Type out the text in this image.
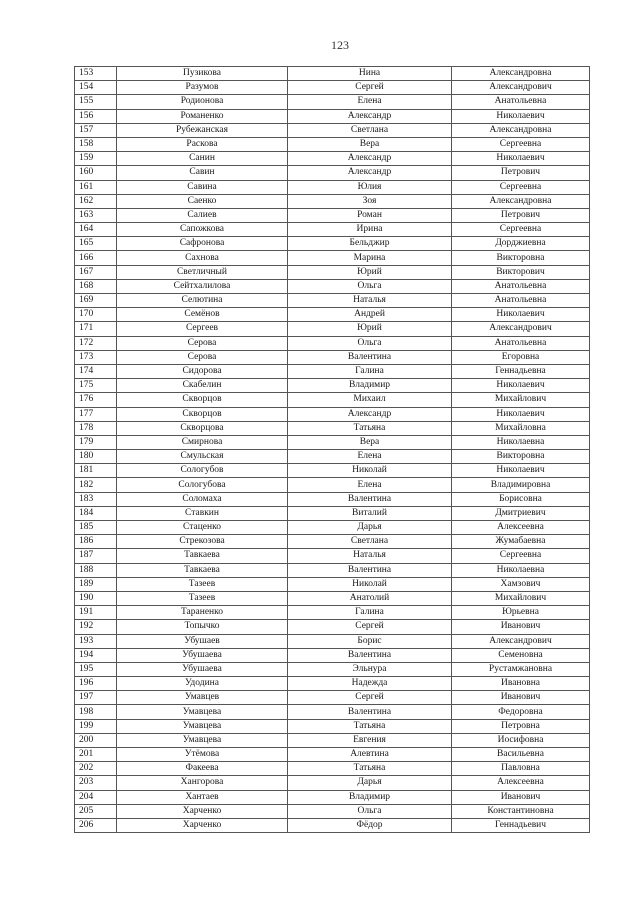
123
153	Пузикова	Нина	Александровна
154	Разумов	Сергей	Александрович
155	Родионова	Елена	Анатольевна
156	Романенко	Александр	Николаевич
157	Рубежанская	Светлана	Александровна
158	Раскова	Вера	Сергеевна
159	Санин	Александр	Николаевич
160	Савин	Александр	Петрович
161	Савина	Юлия	Сергеевна
162	Саенко	Зоя	Александровна
163	Салиев	Роман	Петрович
164	Сапожкова	Ирина	Сергеевна
165	Сафронова	Бельджир	Дорджиевна
166	Сахнова	Марина	Викторовна
167	Светличный	Юрий	Викторович
168	Сейтхалилова	Ольга	Анатольевна
169	Селютина	Наталья	Анатольевна
170	Семёнов	Андрей	Николаевич
171	Сергеев	Юрий	Александрович
172	Серова	Ольга	Анатольевна
173	Серова	Валентина	Егоровна
174	Сидорова	Галина	Геннадьевна
175	Скабелин	Владимир	Николаевич
176	Скворцов	Михаил	Михайлович
177	Скворцов	Александр	Николаевич
178	Скворцова	Татьяна	Михайловна
179	Смирнова	Вера	Николаевна
180	Смульская	Елена	Викторовна
181	Сологубов	Николай	Николаевич
182	Сологубова	Елена	Владимировна
183	Соломаха	Валентина	Борисовна
184	Ставкин	Виталий	Дмитриевич
185	Стаценко	Дарья	Алексеевна
186	Стрекозова	Светлана	Жумабаевна
187	Тавкаева	Наталья	Сергеевна
188	Тавкаева	Валентина	Николаевна
189	Тазеев	Николай	Хамзович
190	Тазеев	Анатолий	Михайлович
191	Тараненко	Галина	Юрьевна
192	Топычко	Сергей	Иванович
193	Убушаев	Борис	Александрович
194	Убушаева	Валентина	Семеновна
195	Убушаева	Эльнура	Рустамжановна
196	Удодина	Надежда	Ивановна
197	Умавцев	Сергей	Иванович
198	Умавцева	Валентина	Федоровна
199	Умавцева	Татьяна	Петровна
200	Умавцева	Евгения	Иосифовна
201	Утёмова	Алевтина	Васильевна
202	Факеева	Татьяна	Павловна
203	Хангорова	Дарья	Алексеевна
204	Хантаев	Владимир	Иванович
205	Харченко	Ольга	Константиновна
206	Харченко	Фёдор	Геннадьевич
